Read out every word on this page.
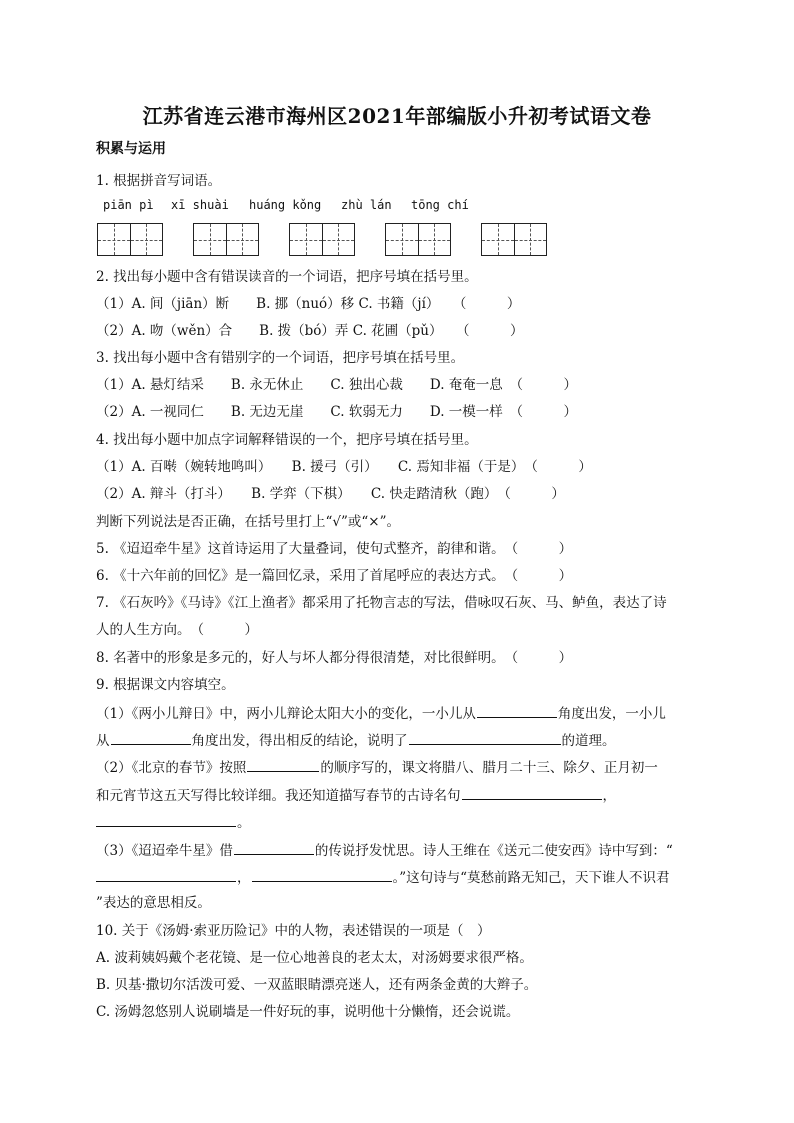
江苏省连云港市海州区2021年部编版小升初考试语文卷
积累与运用
1. 根据拼音写词语。
piān pì xī shuài huáng kǒng zhù lán tōng chí
2. 找出每小题中含有错误读音的一个词语，把序号填在括号里。
（1）A. 间（jiān）断　　B. 挪（nuó）移 C. 书籍（jí）　　（　　　）
（2）A. 吻（wěn）合　　B. 拨（bó）弄 C. 花圃（pǔ）　　（　　　）
3. 找出每小题中含有错别字的一个词语，把序号填在括号里。
（1）A. 悬灯结采　　B. 永无休止　　C. 独出心裁　　D. 奄奄一息　（　　　）
（2）A. 一视同仁　　B. 无边无崖　　C. 软弱无力　　D. 一模一样　（　　　）
4. 找出每小题中加点字词解释错误的一个，把序号填在括号里。
（1）A. 百啭（婉转地鸣叫）　　B. 援弓（引）　　C. 焉知非福（于是）　（　　　）
（2）A. 辩斗（打斗）　　B. 学弈（下棋）　　C. 快走踏清秋（跑）　（　　　）
判断下列说法是否正确，在括号里打上“√”或“×”。
5. 《迢迢牵牛星》这首诗运用了大量叠词，使句式整齐，韵律和谐。　（　　　）
6. 《十六年前的回忆》是一篇回忆录，采用了首尾呼应的表达方式。　（　　　）
7. 《石灰吟》《马诗》《江上渔者》都采用了托物言志的写法，借咏叹石灰、马、鲈鱼，表达了诗
人的人生方向。　（　　　）
8. 名著中的形象是多元的，好人与坏人都分得很清楚，对比很鲜明。　（　　　）
9. 根据课文内容填空。
（1）《两小儿辩日》中，两小儿辩论太阳大小的变化，一小儿从	角度出发，一小儿
从	角度出发，得出相反的结论，说明了	的道理。
（2）《北京的春节》按照	的顺序写的，课文将腊八、腊月二十三、除夕、正月初一
和元宵节这五天写得比较详细。我还知道描写春节的古诗名句	，
。
（3）《迢迢牵牛星》借	的传说抒发忧思。诗人王维在《送元二使安西》诗中写到：“
，	。”这句诗与“莫愁前路无知己，天下谁人不识君
”表达的意思相反。
10. 关于《汤姆·索亚历险记》中的人物，表述错误的一项是（　）
A. 波莉姨妈戴个老花镜、是一位心地善良的老太太，对汤姆要求很严格。
B. 贝基·撒切尔活泼可爱、一双蓝眼睛漂亮迷人，还有两条金黄的大辫子。
C. 汤姆忽悠别人说刷墙是一件好玩的事，说明他十分懒惰，还会说谎。
